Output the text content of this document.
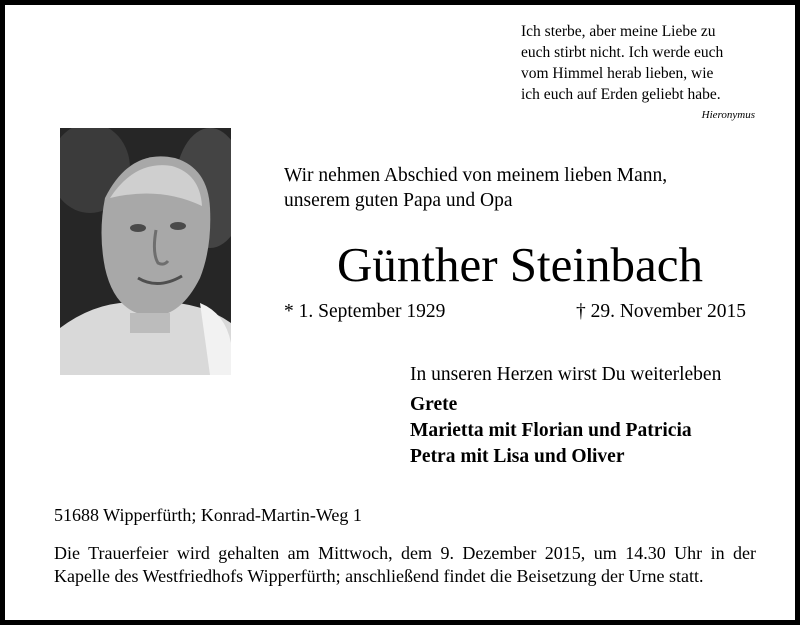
Ich sterbe, aber meine Liebe zu
euch stirbt nicht. Ich werde euch
vom Himmel herab lieben, wie
ich euch auf Erden geliebt habe.
Hieronymus
Wir nehmen Abschied von meinem lieben Mann,
unserem guten Papa und Opa
Günther Steinbach
* 1. September 1929	† 29. November 2015
In unseren Herzen wirst Du weiterleben
Grete
Marietta mit Florian und Patricia
Petra mit Lisa und Oliver
51688 Wipperfürth; Konrad-Martin-Weg 1
Die Trauerfeier wird gehalten am Mittwoch, dem 9. Dezember 2015, um 14.30 Uhr in der Kapelle des Westfriedhofs Wipperfürth; anschließend findet die Beisetzung der Urne statt.
